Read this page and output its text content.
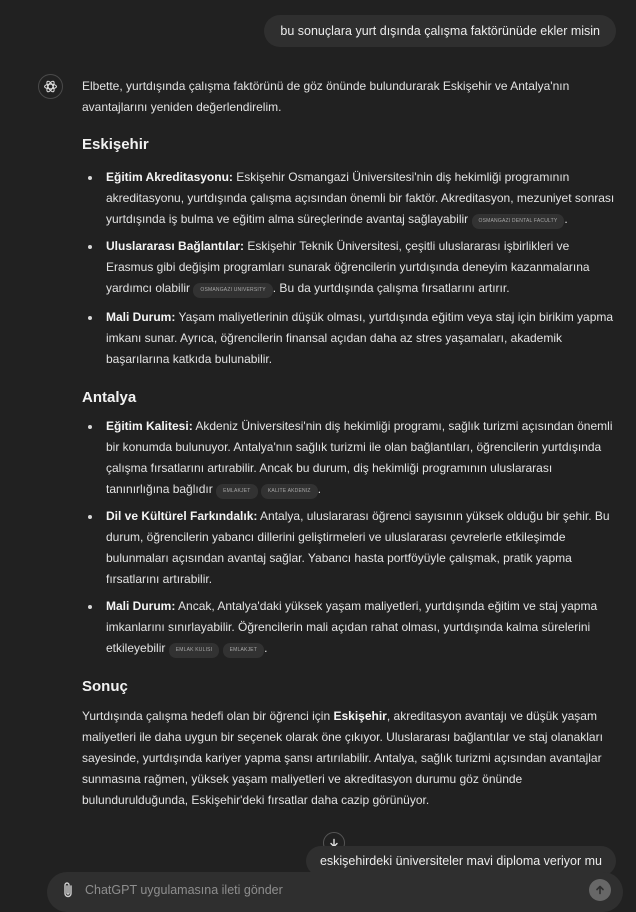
bu sonuçlara yurt dışında çalışma faktörünüde ekler misin

Elbette, yurtdışında çalışma faktörünü de göz önünde bulundurarak Eskişehir ve Antalya'nın avantajlarını yeniden değerlendirelim.

Eskişehir
Eğitim Akreditasyonu: Eskişehir Osmangazi Üniversitesi'nin diş hekimliği programının akreditasyonu, yurtdışında çalışma açısından önemli bir faktör. Akreditasyon, mezuniyet sonrası yurtdışında iş bulma ve eğitim alma süreçlerinde avantaj sağlayabilir OSMANGAZI DENTAL FACULTY .
Uluslararası Bağlantılar: Eskişehir Teknik Üniversitesi, çeşitli uluslararası işbirlikleri ve Erasmus gibi değişim programları sunarak öğrencilerin yurtdışında deneyim kazanmalarına yardımcı olabilir OSMANGAZI UNIVERSITY . Bu da yurtdışında çalışma fırsatlarını artırır.
Mali Durum: Yaşam maliyetlerinin düşük olması, yurtdışında eğitim veya staj için birikim yapma imkanı sunar. Ayrıca, öğrencilerin finansal açıdan daha az stres yaşamaları, akademik başarılarına katkıda bulunabilir.
Antalya
Eğitim Kalitesi: Akdeniz Üniversitesi'nin diş hekimliği programı, sağlık turizmi açısından önemli bir konumda bulunuyor. Antalya'nın sağlık turizmi ile olan bağlantıları, öğrencilerin yurtdışında çalışma fırsatlarını artırabilir. Ancak bu durum, diş hekimliği programının uluslararası tanınırlığına bağlıdır EMLAKJET	KALITE AKDENIZ .
Dil ve Kültürel Farkındalık: Antalya, uluslararası öğrenci sayısının yüksek olduğu bir şehir. Bu durum, öğrencilerin yabancı dillerini geliştirmeleri ve uluslararası çevrelerle etkileşimde bulunmaları açısından avantaj sağlar. Yabancı hasta portföyüyle çalışmak, pratik yapma fırsatlarını artırabilir.
Mali Durum: Ancak, Antalya'daki yüksek yaşam maliyetleri, yurtdışında eğitim ve staj yapma imkanlarını sınırlayabilir. Öğrencilerin mali açıdan rahat olması, yurtdışında kalma sürelerini etkileyebilir EMLAK KULISI	EMLAKJET .
Sonuç

Yurtdışında çalışma hedefi olan bir öğrenci için Eskişehir, akreditasyon avantajı ve düşük yaşam maliyetleri ile daha uygun bir seçenek olarak öne çıkıyor. Uluslararası bağlantılar ve staj olanakları sayesinde, yurtdışında kariyer yapma şansı artırılabilir. Antalya, sağlık turizmi açısından avantajlar sunmasına rağmen, yüksek yaşam maliyetleri ve akreditasyon durumu göz önünde bulundurulduğunda, Eskişehir'deki fırsatlar daha cazip görünüyor.

eskişehirdeki üniversiteler mavi diploma veriyor mu
ChatGPT uygulamasına ileti gönder
